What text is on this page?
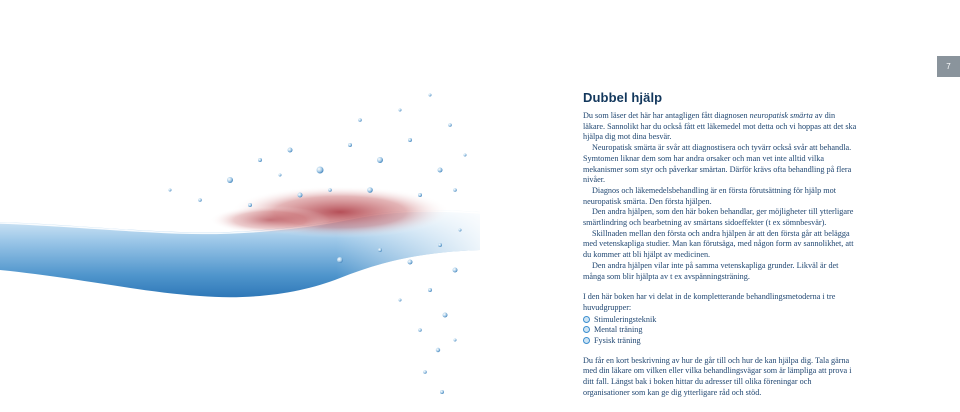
7
Dubbel hjälp

Du som läser det här har antagligen fått diagnosen neuropatisk smärta av din läkare. Sannolikt har du också fått ett läkemedel mot detta och vi hoppas att det ska hjälpa dig mot dina besvär.

Neuropatisk smärta är svår att diagnostisera och tyvärr också svår att behandla. Symtomen liknar dem som har andra orsaker och man vet inte alltid vilka mekanismer som styr och påverkar smärtan. Därför krävs ofta behandling på flera nivåer.

Diagnos och läkemedelsbehandling är en första förutsättning för hjälp mot neuropatisk smärta. Den första hjälpen.

Den andra hjälpen, som den här boken behandlar, ger möjligheter till ytterligare smärtlindring och bearbetning av smärtans sidoeffekter (t ex sömnbesvär).

Skillnaden mellan den första och andra hjälpen är att den första går att belägga med vetenskapliga studier. Man kan förutsäga, med någon form av sannolikhet, att du kommer att bli hjälpt av medicinen.

Den andra hjälpen vilar inte på samma vetenskapliga grunder. Likväl är det många som blir hjälpta av t ex avspänningsträning.

I den här boken har vi delat in de kompletterande behandlingsmetoderna i tre huvudgrupper:

Stimuleringsteknik
Mental träning
Fysisk träning

Du får en kort beskrivning av hur de går till och hur de kan hjälpa dig. Tala gärna med din läkare om vilken eller vilka behandlingsvägar som är lämpliga att prova i ditt fall. Längst bak i boken hittar du adresser till olika föreningar och organisationer som kan ge dig ytterligare råd och stöd.
